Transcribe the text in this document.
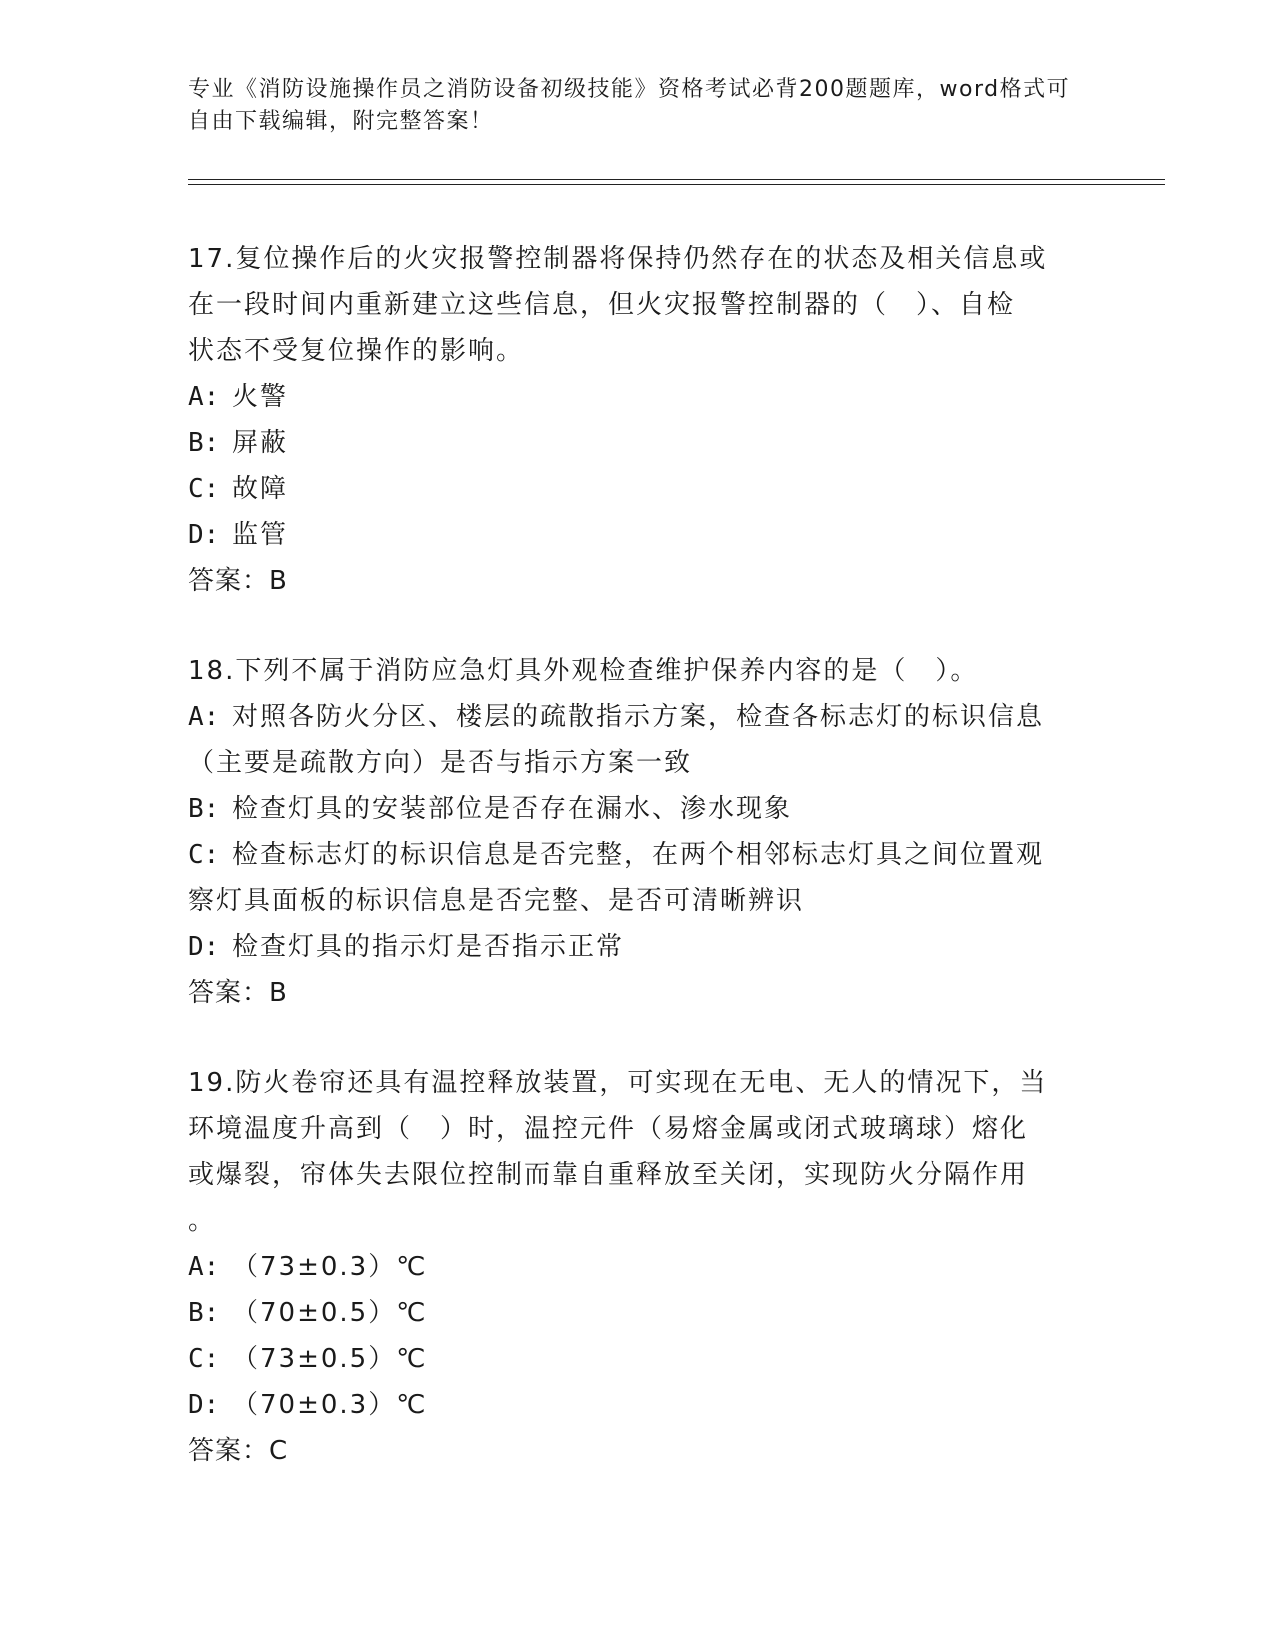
专业《消防设施操作员之消防设备初级技能》资格考试必背200题题库，word格式可自由下载编辑，附完整答案！
17.复位操作后的火灾报警控制器将保持仍然存在的状态及相关信息或
在一段时间内重新建立这些信息，但火灾报警控制器的（　）、自检
状态不受复位操作的影响。
A: 火警
B: 屏蔽
C: 故障
D: 监管
答案：B
18.下列不属于消防应急灯具外观检查维护保养内容的是（　）。
A: 对照各防火分区、楼层的疏散指示方案，检查各标志灯的标识信息
（主要是疏散方向）是否与指示方案一致
B: 检查灯具的安装部位是否存在漏水、渗水现象
C: 检查标志灯的标识信息是否完整，在两个相邻标志灯具之间位置观
察灯具面板的标识信息是否完整、是否可清晰辨识
D: 检查灯具的指示灯是否指示正常
答案：B
19.防火卷帘还具有温控释放装置，可实现在无电、无人的情况下，当
环境温度升高到（　）时，温控元件（易熔金属或闭式玻璃球）熔化
或爆裂，帘体失去限位控制而靠自重释放至关闭，实现防火分隔作用
。
A: （73±0.3）℃
B: （70±0.5）℃
C: （73±0.5）℃
D: （70±0.3）℃
答案：C
